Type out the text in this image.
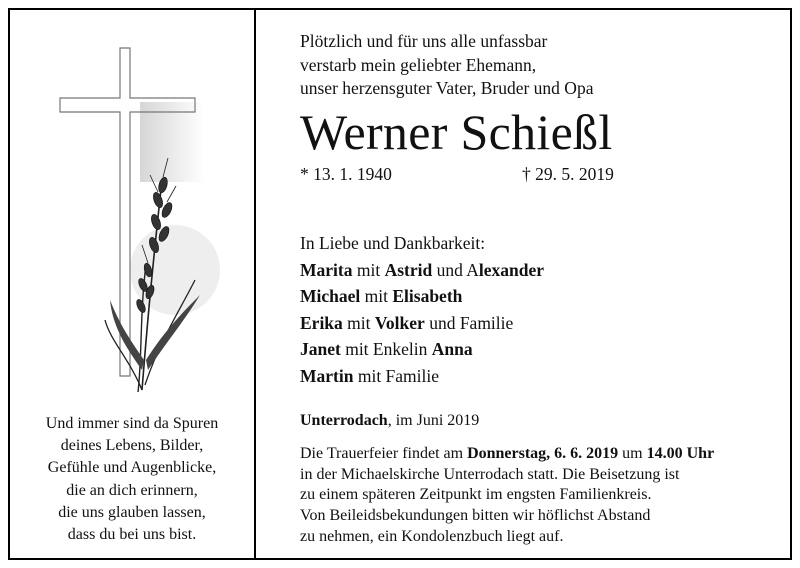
Und immer sind da Spuren
deines Lebens, Bilder,
Gefühle und Augenblicke,
die an dich erinnern,
die uns glauben lassen,
dass du bei uns bist.
Plötzlich und für uns alle unfassbar
verstarb mein geliebter Ehemann,
unser herzensguter Vater, Bruder und Opa
Werner Schießl
* 13. 1. 1940	† 29. 5. 2019
In Liebe und Dankbarkeit:
Marita mit Astrid und Alexander
Michael mit Elisabeth
Erika mit Volker und Familie
Janet mit Enkelin Anna
Martin mit Familie
Unterrodach, im Juni 2019
Die Trauerfeier findet am Donnerstag, 6. 6. 2019 um 14.00 Uhr
in der Michaelskirche Unterrodach statt. Die Beisetzung ist
zu einem späteren Zeitpunkt im engsten Familienkreis.
Von Beileidsbekundungen bitten wir höflichst Abstand
zu nehmen, ein Kondolenzbuch liegt auf.
